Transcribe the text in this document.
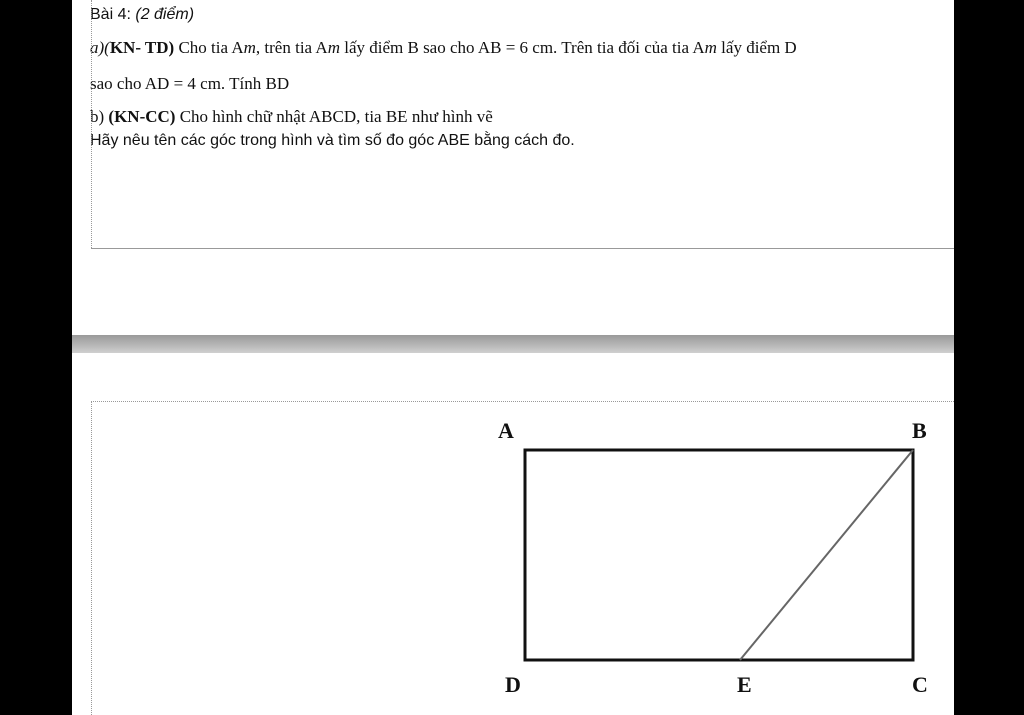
Bài 4: (2 điểm)
a)(KN- TD) Cho tia Am, trên tia Am lấy điểm B sao cho AB = 6 cm. Trên tia đối của tia Am lấy điểm D
sao cho AD = 4 cm. Tính BD
b) (KN-CC) Cho hình chữ nhật ABCD, tia BE như hình vẽ
Hãy nêu tên các góc trong hình và tìm số đo góc ABE bằng cách đo.
A	B
D	E	C
